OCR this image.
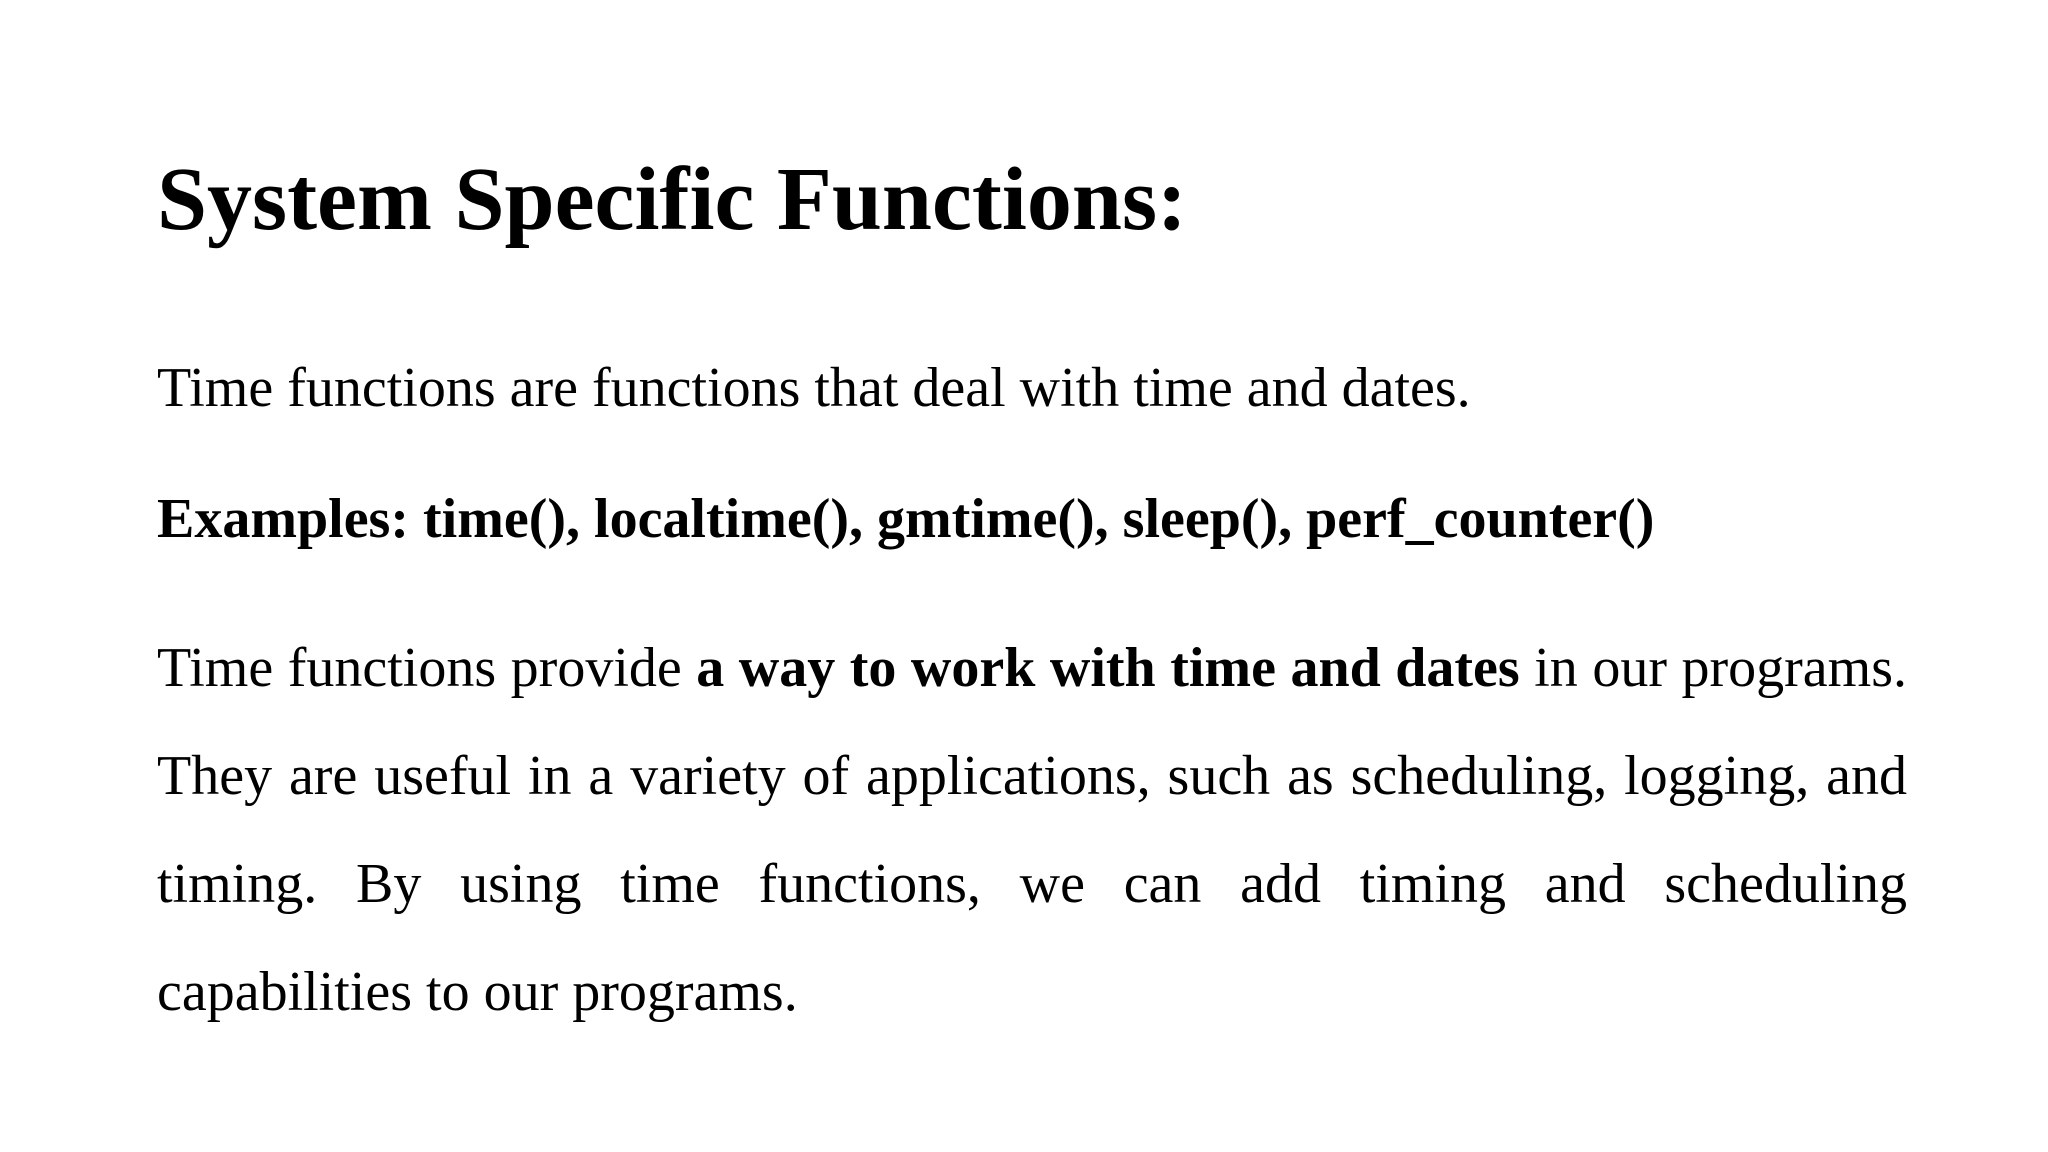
System Specific Functions:

Time functions are functions that deal with time and dates.

Examples: time(), localtime(), gmtime(), sleep(), perf_counter()

Time functions provide a way to work with time and dates in our programs. They are useful in a variety of applications, such as scheduling, logging, and timing. By using time functions, we can add timing and scheduling capabilities to our programs.
